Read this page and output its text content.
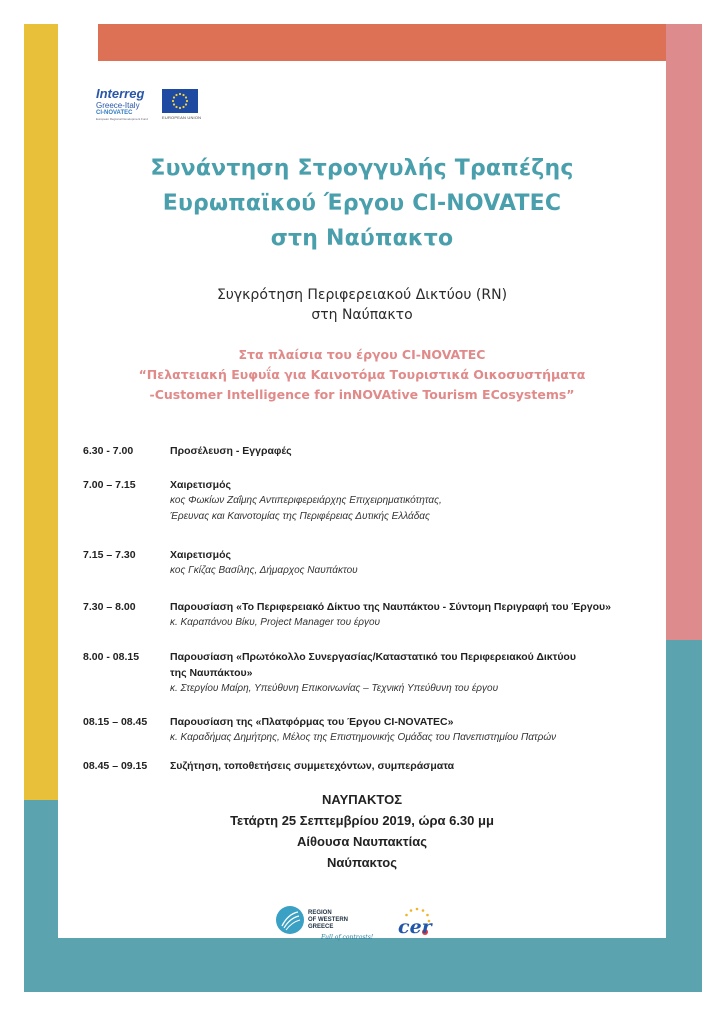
Interreg
Greece-Italy
CI-NOVATEC
European Regional Development Fund	EUROPEAN UNION
Συνάντηση Στρογγυλής Τραπέζης
Ευρωπαϊκού Έργου CI-NOVATEC
στη Ναύπακτο
Συγκρότηση Περιφερειακού Δικτύου (RN)
στη Ναύπακτο
Στα πλαίσια του έργου CI-NOVATEC
“Πελατειακή Ευφυΐα για Καινοτόμα Τουριστικά Οικοσυστήματα
-Customer Intelligence for inNOVAtive Tourism ECosystems”
6.30 - 7.00	Προσέλευση - Εγγραφές
7.00 – 7.15	Χαιρετισμός
κος Φωκίων Ζαΐμης Αντιπεριφερειάρχης Επιχειρηματικότητας,
Έρευνας και Καινοτομίας της Περιφέρειας Δυτικής Ελλάδας
7.15 – 7.30	Χαιρετισμός
κος Γκίζας Βασίλης, Δήμαρχος Ναυπάκτου
7.30 – 8.00	Παρουσίαση «Το Περιφερειακό Δίκτυο της Ναυπάκτου - Σύντομη Περιγραφή του Έργου»
κ. Καραπάνου Βίκυ, Project Manager του έργου
8.00 - 08.15	Παρουσίαση «Πρωτόκολλο Συνεργασίας/Καταστατικό του Περιφερειακού Δικτύου
της Ναυπάκτου»
κ. Στεργίου Μαίρη, Υπεύθυνη Επικοινωνίας – Τεχνική Υπεύθυνη του έργου
08.15 – 08.45	Παρουσίαση της «Πλατφόρμας του Έργου CI-NOVATEC»
κ. Καραδήμας Δημήτρης, Μέλος της Επιστημονικής Ομάδας του Πανεπιστημίου Πατρών
08.45 – 09.15	Συζήτηση, τοποθετήσεις συμμετεχόντων, συμπεράσματα
ΝΑΥΠΑΚΤΟΣ
Τετάρτη 25 Σεπτεμβρίου 2019, ώρα 6.30 μμ
Αίθουσα Ναυπακτίας
Ναύπακτος
REGION
OF WESTERN
GREECE
Full of contrasts! cer
